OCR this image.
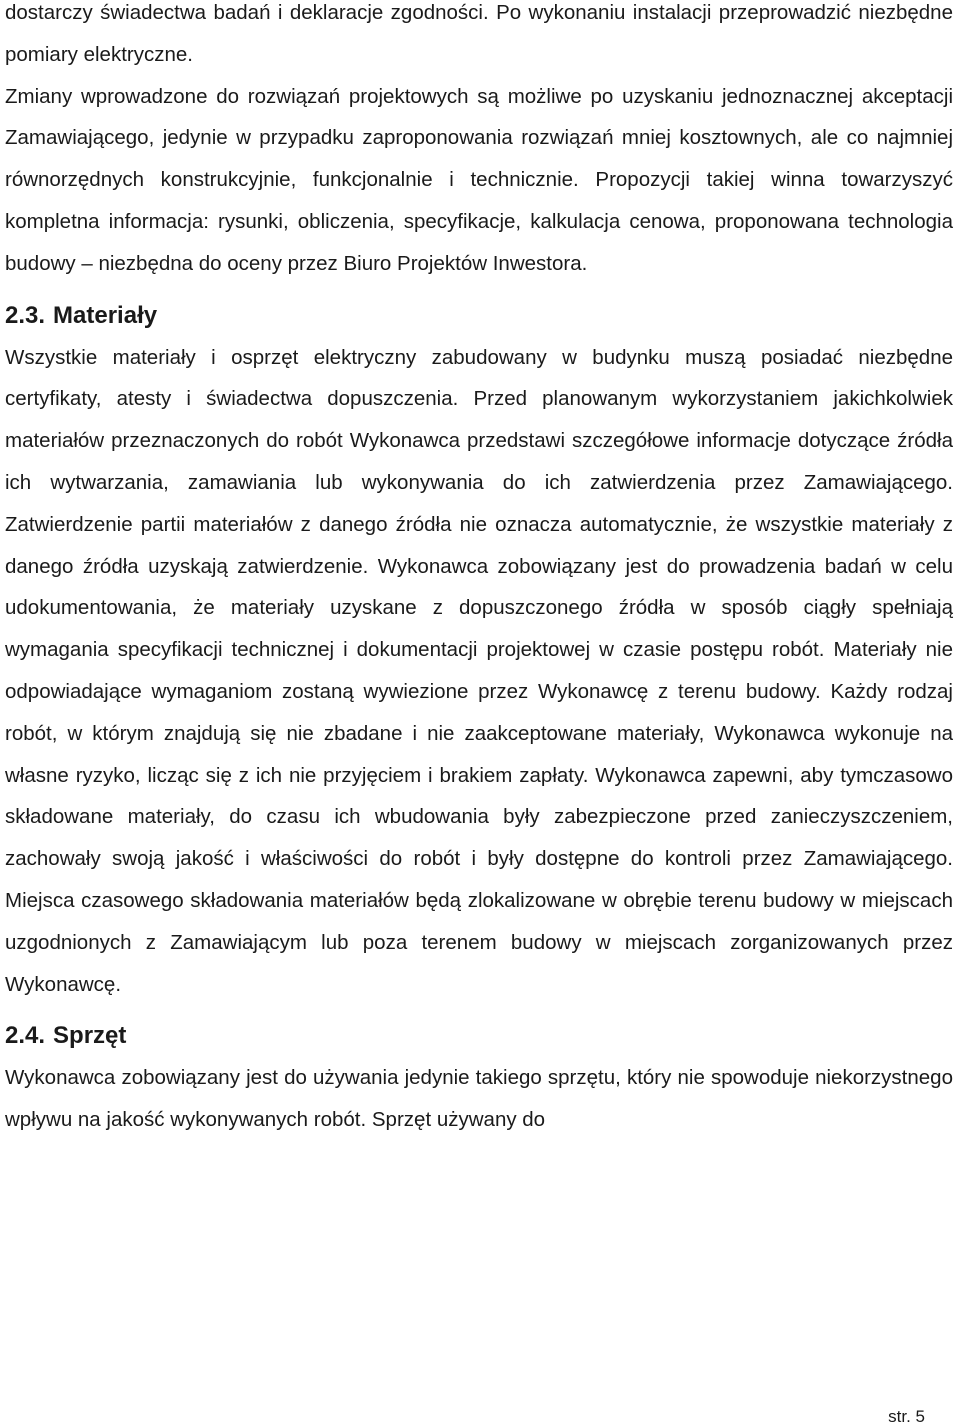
dostarczy świadectwa badań i deklaracje zgodności. Po wykonaniu instalacji przeprowadzić niezbędne pomiary elektryczne.

Zmiany wprowadzone do rozwiązań projektowych są możliwe po uzyskaniu jednoznacznej akceptacji Zamawiającego, jedynie w przypadku zaproponowania rozwiązań mniej kosztownych, ale co najmniej równorzędnych konstrukcyjnie, funkcjonalnie i technicznie. Propozycji takiej winna towarzyszyć kompletna informacja: rysunki, obliczenia, specyfikacje, kalkulacja cenowa, proponowana technologia budowy – niezbędna do oceny przez Biuro Projektów Inwestora.

2.3. Materiały

Wszystkie materiały i osprzęt elektryczny zabudowany w budynku muszą posiadać niezbędne certyfikaty, atesty i świadectwa dopuszczenia. Przed planowanym wykorzystaniem jakichkolwiek materiałów przeznaczonych do robót Wykonawca przedstawi szczegółowe informacje dotyczące źródła ich wytwarzania, zamawiania lub wykonywania do ich zatwierdzenia przez Zamawiającego. Zatwierdzenie partii materiałów z danego źródła nie oznacza automatycznie, że wszystkie materiały z danego źródła uzyskają zatwierdzenie. Wykonawca zobowiązany jest do prowadzenia badań w celu udokumentowania, że materiały uzyskane z dopuszczonego źródła w sposób ciągły spełniają wymagania specyfikacji technicznej i dokumentacji projektowej w czasie postępu robót. Materiały nie odpowiadające wymaganiom zostaną wywiezione przez Wykonawcę z terenu budowy. Każdy rodzaj robót, w którym znajdują się nie zbadane i nie zaakceptowane materiały, Wykonawca wykonuje na własne ryzyko, licząc się z ich nie przyjęciem i brakiem zapłaty. Wykonawca zapewni, aby tymczasowo składowane materiały, do czasu ich wbudowania były zabezpieczone przed zanieczyszczeniem, zachowały swoją jakość i właściwości do robót i były dostępne do kontroli przez Zamawiającego. Miejsca czasowego składowania materiałów będą zlokalizowane w obrębie terenu budowy w miejscach uzgodnionych z Zamawiającym lub poza terenem budowy w miejscach zorganizowanych przez Wykonawcę.

2.4. Sprzęt

Wykonawca zobowiązany jest do używania jedynie takiego sprzętu, który nie spowoduje niekorzystnego wpływu na jakość wykonywanych robót. Sprzęt używany do

str. 5
